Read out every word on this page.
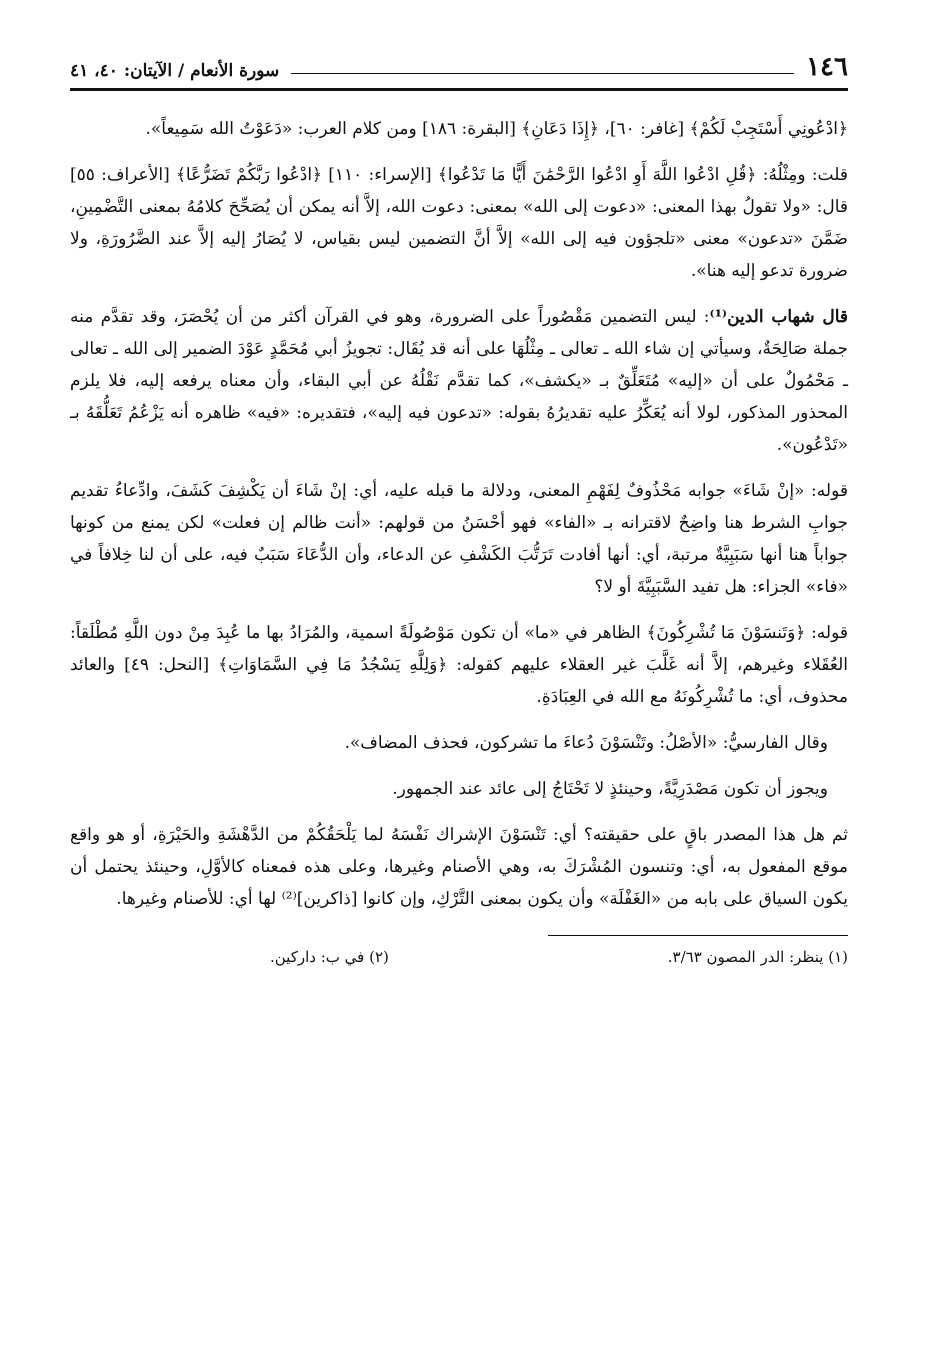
١٤٦
سورة الأنعام / الآيتان: ٤٠، ٤١

﴿ادْعُونِي أَسْتَجِبْ لَكُمْ﴾ [غافر: ٦٠]، ﴿إِذَا دَعَانِ﴾ [البقرة: ١٨٦] ومن كلام العرب: «دَعَوْتُ الله سَمِيعاً».

قلت: ومِثْلُهُ: ﴿قُلِ ادْعُوا اللَّهَ أَوِ ادْعُوا الرَّحْمَٰنَ أَيًّا مَا تَدْعُوا﴾ [الإسراء: ١١٠] ﴿ادْعُوا رَبَّكُمْ تَضَرُّعًا﴾ [الأعراف: ٥٥] قال: «ولا تقولُ بهذا المعنى: «دعوت إلى الله» بمعنى: دعوت الله، إلاَّ أنه يمكن أن يُصَحِّحَ كلامُهُ بمعنى التَّضْمِينِ، ضَمَّنَ «تدعون» معنى «تلجؤون فيه إلى الله» إلاَّ أنَّ التضمين ليس بقياس، لا يُصَارُ إليه إلاَّ عند الضَّرُورَةِ، ولا ضرورة تدعو إليه هنا».

قال شهاب الدين⁽¹⁾: ليس التضمين مَقْصُوراً على الضرورة، وهو في القرآن أكثر من أن يُحْصَرَ، وقد تقدَّم منه جملة صَالِحَةٌ، وسيأتي إن شاء الله ـ تعالى ـ مِثْلُهَا على أنه قد يُقَال: تجويزُ أبي مُحَمَّدٍ عَوْدَ الضمير إلى الله ـ تعالى ـ مَحْمُولٌ على أن «إليه» مُتَعَلِّقٌ بـ «يكشف»، كما تقدَّم نَقْلُهُ عن أبي البقاء، وأن معناه يرفعه إليه، فلا يلزم المحذور المذكور، لولا أنه يُعَكِّرُ عليه تقديرُهُ بقوله: «تدعون فيه إليه»، فتقديره: «فيه» ظاهره أنه يَزْعُمُ تَعَلُّقَهُ بـ «تَدْعُون».

قوله: «إنْ شَاءَ» جوابه مَحْذُوفٌ لِفَهْمِ المعنى، ودلالة ما قبله عليه، أي: إنْ شَاءَ أن يَكْشِفَ كَشَفَ، وادِّعاءُ تقديم جوابِ الشرط هنا واضِحٌ لاقترانه بـ «الفاء» فهو أحْسَنُ من قولهم: «أنت ظالم إن فعلت» لكن يمنع من كونها جواباً هنا أنها سَبَبِيَّةٌ مرتبة، أي: أنها أفادت تَرَتُّبَ الكَشْفِ عن الدعاء، وأن الدُّعَاءَ سَبَبٌ فيه، على أن لنا خِلافاً في «فاء» الجزاء: هل تفيد السَّبَبِيَّةَ أو لا؟

قوله: ﴿وَتَنسَوْنَ مَا تُشْرِكُونَ﴾ الظاهر في «ما» أن تكون مَوْصُولَةً اسمية، والمُرَادُ بها ما عُبِدَ مِنْ دون اللَّهِ مُطْلَقاً: العُقَلاء وغيرهم، إلاَّ أنه غَلَّبَ غير العقلاء عليهم كقوله: ﴿وَلِلَّهِ يَسْجُدُ مَا فِي السَّمَاوَاتِ﴾ [النحل: ٤٩] والعائد محذوف، أي: ما تُشْرِكُونَهُ مع الله في العِبَادَةِ.

وقال الفارسيُّ: «الأصْلُ: وتَنْسَوْنَ دُعاءَ ما تشركون، فحذف المضاف».

ويجوز أن تكون مَصْدَرِيَّةً، وحينئذٍ لا تَحْتَاجُ إلى عائد عند الجمهور.

ثم هل هذا المصدر باقٍ على حقيقته؟ أي: تَنْسَوْنَ الإشراك نَفْسَهُ لما يَلْحَقُكُمْ من الدَّهْشَةِ والحَيْرَةِ، أو هو واقع موقع المفعول به، أي: وتنسون المُشْرَكَ به، وهي الأصنام وغيرها، وعلى هذه فمعناه كالأوَّلِ، وحينئذ يحتمل أن يكون السياق على بابه من «الغَفْلَة» وأن يكون بمعنى التَّرْكِ، وإن كانوا [ذاكرين]⁽²⁾ لها أي: للأصنام وغيرها.

(١) ينظر: الدر المصون ٣/٦٣.
(٢) في ب: داركين.
